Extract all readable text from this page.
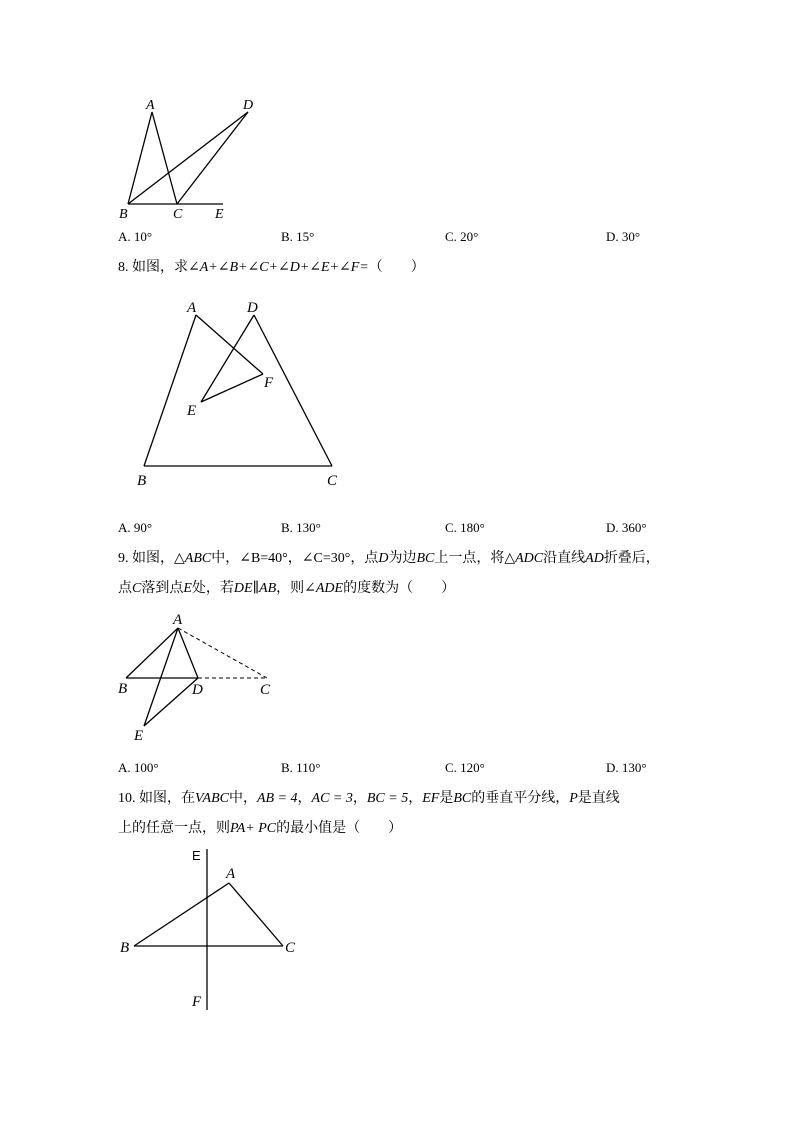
A	D
B	C E
A. 10°	B. 15°	C. 20°	D. 30°
8. 如图，求∠A+∠B+∠C+∠D+∠E+∠F=（　　）
A	D
F
E
B	C
A. 90°	B. 130°	C. 180°	D. 360°
9. 如图，△ABC中，∠B=40°，∠C=30°，点D为边BC上一点，将△ADC沿直线AD折叠后，
点C落到点E处，若DE∥AB，则∠ADE的度数为（　　）
A
B	D	C
E
A. 100°	B. 110°	C. 120°	D. 130°
10. 如图，在VABC中，AB = 4，AC = 3，BC = 5，EF是BC的垂直平分线，P是直线
上的任意一点，则PA+ PC的最小值是（　　）
E
A
B	C
F
